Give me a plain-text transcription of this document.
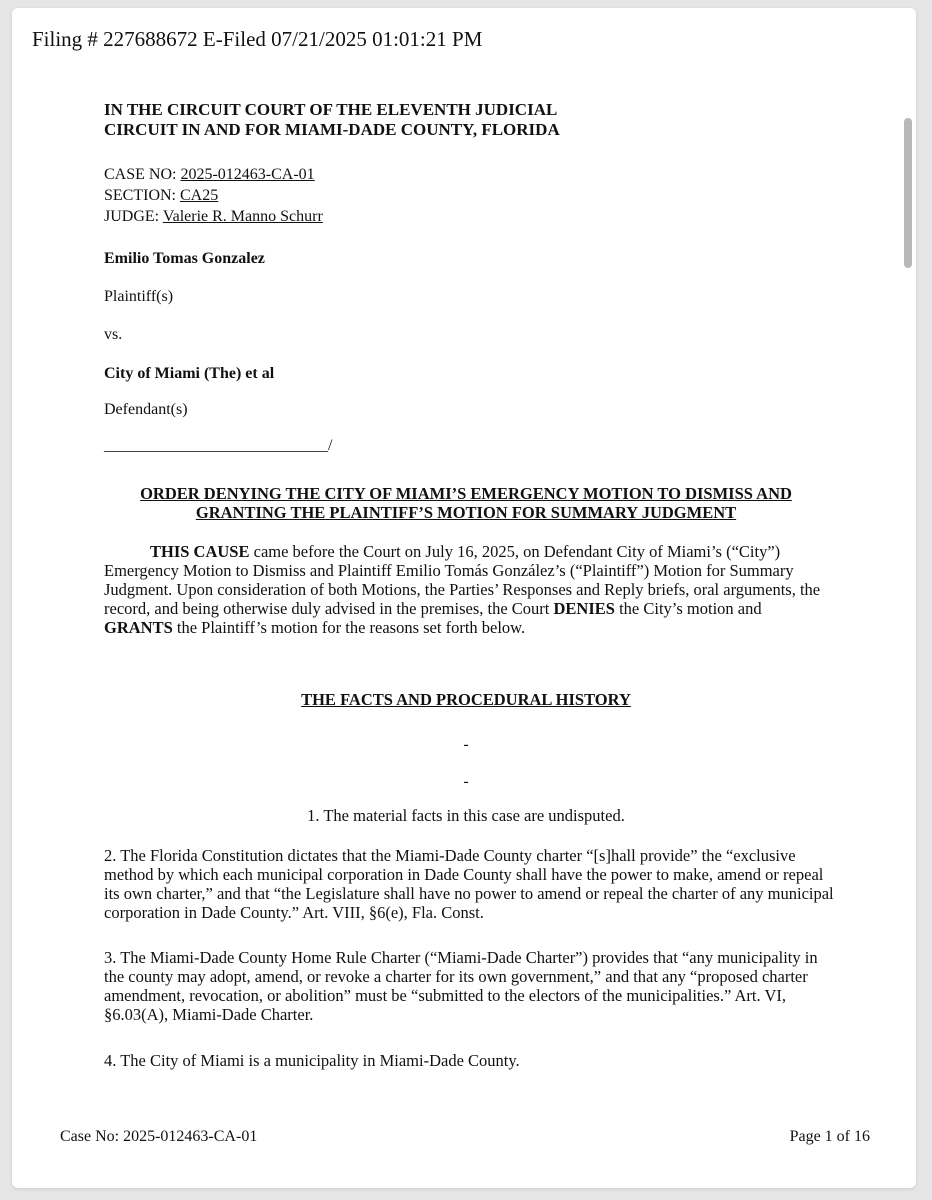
Filing # 227688672 E-Filed 07/21/2025 01:01:21 PM
IN THE CIRCUIT COURT OF THE ELEVENTH JUDICIAL
CIRCUIT IN AND FOR MIAMI-DADE COUNTY, FLORIDA
CASE NO: 2025-012463-CA-01
SECTION: CA25
JUDGE: Valerie R. Manno Schurr
Emilio Tomas Gonzalez
Plaintiff(s)
vs.
City of Miami (The) et al
Defendant(s)
____________________________/
ORDER DENYING THE CITY OF MIAMI’S EMERGENCY MOTION TO DISMISS AND
GRANTING THE PLAINTIFF’S MOTION FOR SUMMARY JUDGMENT
THIS CAUSE came before the Court on July 16, 2025, on Defendant City of Miami’s (“City”) Emergency Motion to Dismiss and Plaintiff Emilio Tomás González’s (“Plaintiff”) Motion for Summary Judgment. Upon consideration of both Motions, the Parties’ Responses and Reply briefs, oral arguments, the record, and being otherwise duly advised in the premises, the Court DENIES the City’s motion and GRANTS the Plaintiff’s motion for the reasons set forth below.
THE FACTS AND PROCEDURAL HISTORY
-
-
1. The material facts in this case are undisputed.
2. The Florida Constitution dictates that the Miami-Dade County charter “[s]hall provide” the “exclusive method by which each municipal corporation in Dade County shall have the power to make, amend or repeal its own charter,” and that “the Legislature shall have no power to amend or repeal the charter of any municipal corporation in Dade County.” Art. VIII, §6(e), Fla. Const.
3. The Miami-Dade County Home Rule Charter (“Miami-Dade Charter”) provides that “any municipality in the county may adopt, amend, or revoke a charter for its own government,” and that any “proposed charter amendment, revocation, or abolition” must be “submitted to the electors of the municipalities.” Art. VI, §6.03(A), Miami-Dade Charter.
4. The City of Miami is a municipality in Miami-Dade County.
Case No: 2025-012463-CA-01	Page 1 of 16
